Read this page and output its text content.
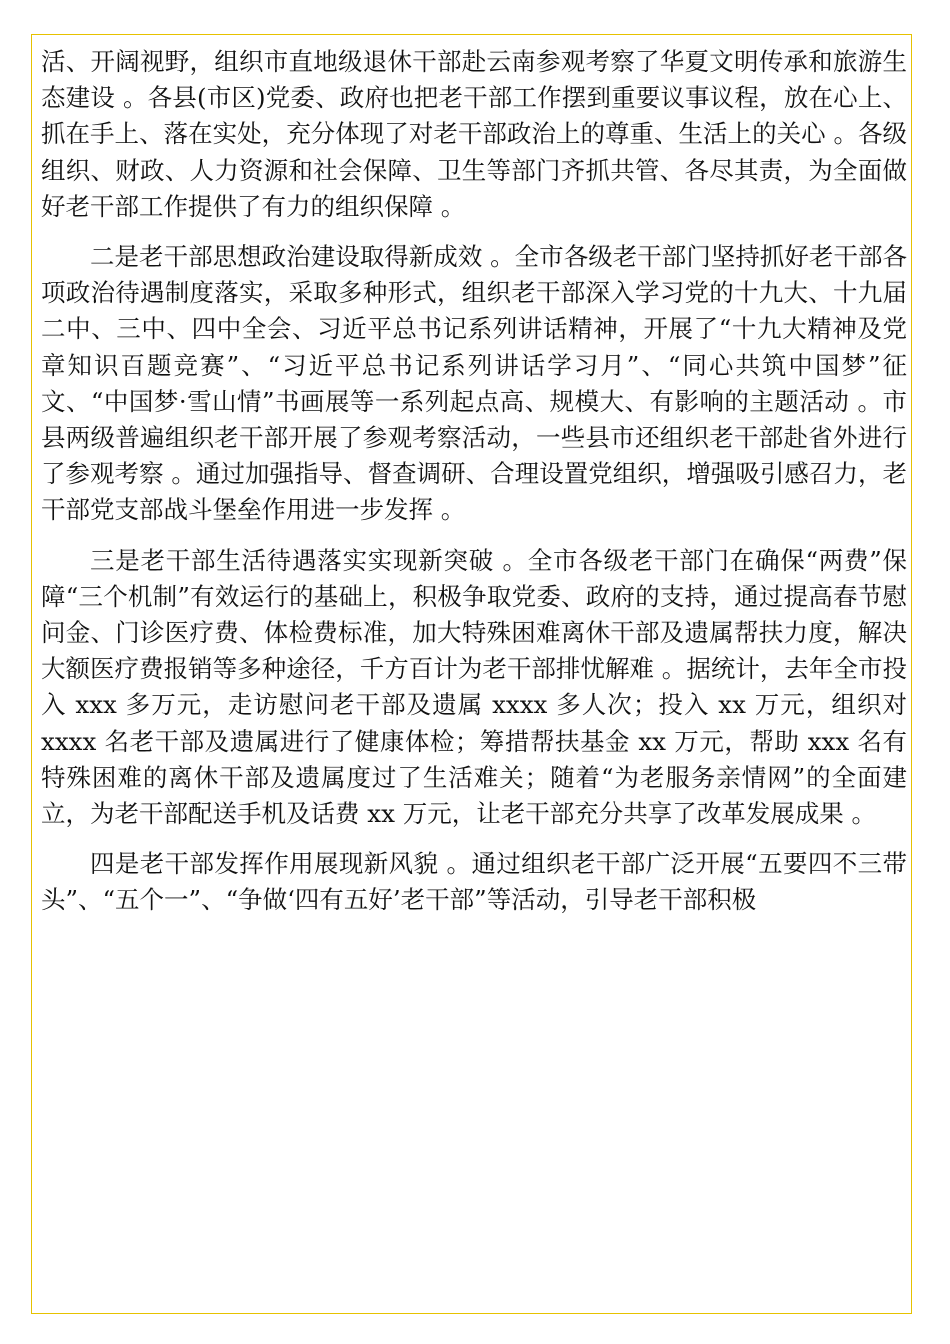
活、开阔视野，组织市直地级退休干部赴云南参观考察了华夏文明传承和旅游生态建设 。各县(市区)党委、政府也把老干部工作摆到重要议事议程，放在心上、抓在手上、落在实处，充分体现了对老干部政治上的尊重、生活上的关心 。各级组织、财政、人力资源和社会保障、卫生等部门齐抓共管、各尽其责，为全面做好老干部工作提供了有力的组织保障 。

二是老干部思想政治建设取得新成效 。全市各级老干部门坚持抓好老干部各项政治待遇制度落实，采取多种形式，组织老干部深入学习党的十九大、十九届二中、三中、四中全会、习近平总书记系列讲话精神，开展了“十九大精神及党章知识百题竞赛”、“习近平总书记系列讲话学习月”、“同心共筑中国梦”征文、“中国梦·雪山情”书画展等一系列起点高、规模大、有影响的主题活动 。市县两级普遍组织老干部开展了参观考察活动，一些县市还组织老干部赴省外进行了参观考察 。通过加强指导、督查调研、合理设置党组织，增强吸引感召力，老干部党支部战斗堡垒作用进一步发挥 。

三是老干部生活待遇落实实现新突破 。全市各级老干部门在确保“两费”保障“三个机制”有效运行的基础上，积极争取党委、政府的支持，通过提高春节慰问金、门诊医疗费、体检费标准，加大特殊困难离休干部及遗属帮扶力度，解决大额医疗费报销等多种途径，千方百计为老干部排忧解难 。据统计，去年全市投入 xxx 多万元，走访慰问老干部及遗属 xxxx 多人次；投入 xx 万元，组织对 xxxx 名老干部及遗属进行了健康体检；筹措帮扶基金 xx 万元，帮助 xxx 名有特殊困难的离休干部及遗属度过了生活难关；随着“为老服务亲情网”的全面建立，为老干部配送手机及话费 xx 万元，让老干部充分共享了改革发展成果 。

四是老干部发挥作用展现新风貌 。通过组织老干部广泛开展“五要四不三带头”、“五个一”、“争做‘四有五好’老干部”等活动，引导老干部积极
